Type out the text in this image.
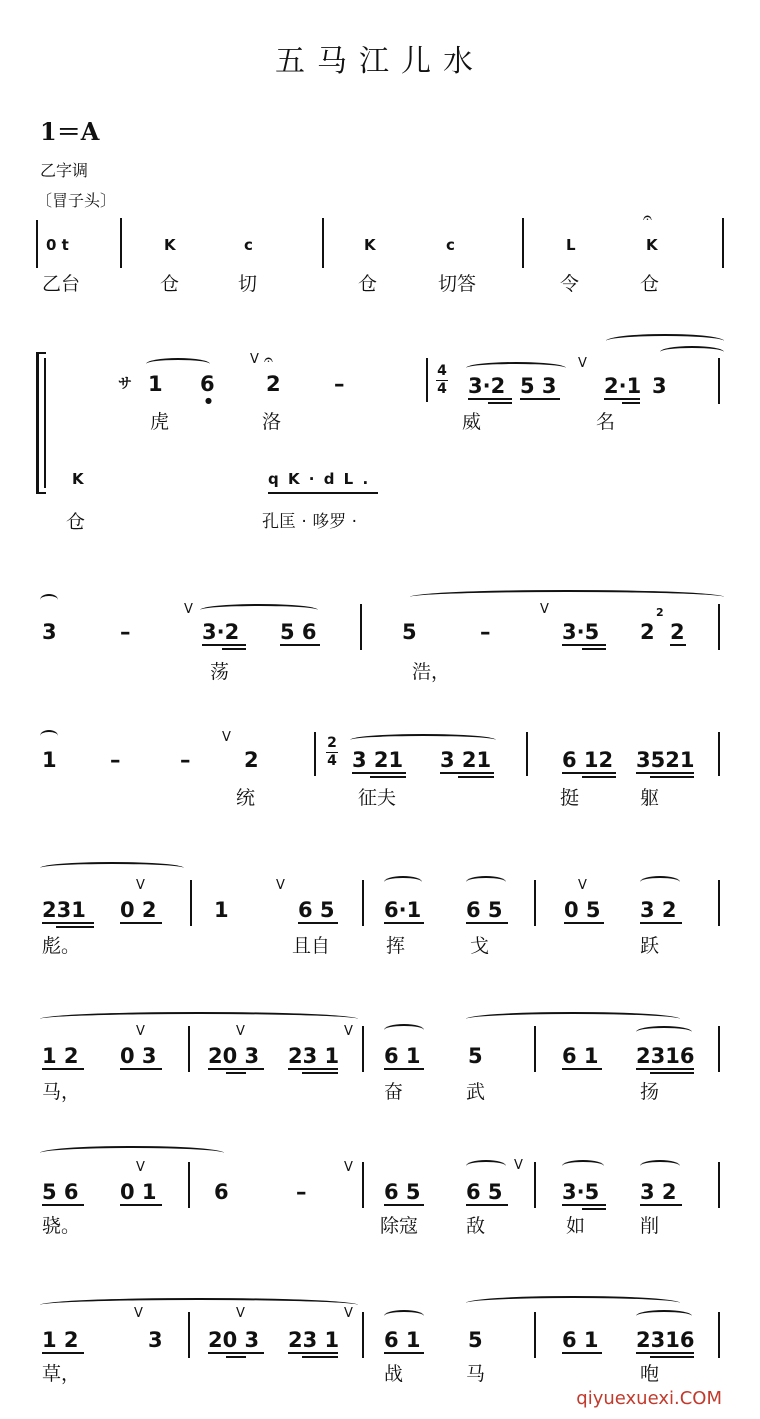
五马江儿水
1＝A
乙字调
〔冒子头〕
0 t	K	c	K	c	L	K
𝄐
乙台	仓	切	仓	切答	令	仓
サ 1 6
●
V 𝄐
2	–
4
4 3·2 5 3
V
2·1 3
虎	洛	威	名
K	q K · d L .
仓	孔匡 · 哆罗 ·
3	–
V
3·2 5 6	5	–
V
3·5 2
2
2
荡	浩，
1	–	–
V
2
2
4 3 21 3 21	6 12 3521
统	征夫	挺	躯
231
V
0 2	1
V
6 5 6·1 6 5
V
0 5 3 2
彪。	且自	挥	戈	跃
1 2
V
0 3 20 3
V
23 1
V
6 1 5	6 1 2316
马，	奋	武	扬
5 6
V
0 1	6	–
V
6 5 6 5
V
3·5 3 2
骁。	除寇	敌	如	削
1 2
V
3 20 3
V
23 1
V
6 1 5	6 1 2316
草，	战	马	咆
qiyuexuexi.COM
